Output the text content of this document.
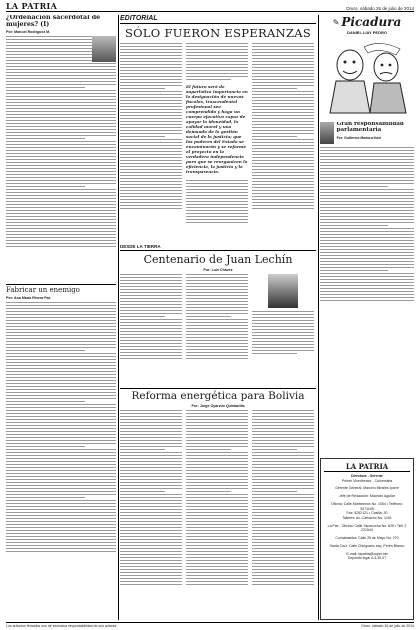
LA PATRIA	Oruro, sábado 26 de julio de 2014
¿Ordenación sacerdotal de mujeres? (I)
Por: Manuel Rodríguez M.
EDITORIAL
SÓLO FUERON ESPERANZAS
El futuro será de superlativa importancia en la designación de nuevos fiscales, trascendental profesional sea comprendido y haga un cuerpo ejecutivo capaz de apoyar la idoneidad, la calidad moral y una demanda de la gestión social de la justicia; que los poderes del Estado se encaminarán y se reforme el proyecto en la verdadera independencia para que se reorganicen la eficiencia, la justicia y la transparencia.
✎ Picadura
DANIEL LIAY PEDRO
Gran responsabilidad parlamentaria
Por: Guillermo Mariaca Iturri
Fabricar un enemigo
Por: Ana María Rivera Paz
DESDE LA TIERRA
Centenario de Juan Lechín
Por: Luis Chávez
Reforma energética para Bolivia
Por: Jorge Oyarzún Quintanilla
LA PATRIA
Directora - Gerente
Primer Vicedirector - Columnista
Gerente General: Marcelo Miralles Iporre
Jefe de Redacción: Mauricio Aguilar
Oficina: Calle Montesinos No. 1054 • Teléfono: 5271105
Fax: 5252121 • Casilla: 30
Talleres: Av. Camacho No. 1041
La Paz - Oficina: Calle Yanacocha No. 625 • Telf: 2 221544
Cochabamba: Calle 25 de Mayo No. 270
Santa Cruz: Calle Chiriguano esq. Pedro Blanco
E-mail: lapatria@zuper.net
Depósito legal 4-3-30-07
Los artículos firmados son de exclusiva responsabilidad de sus autores	Oruro, sábado 26 de julio de 2014
